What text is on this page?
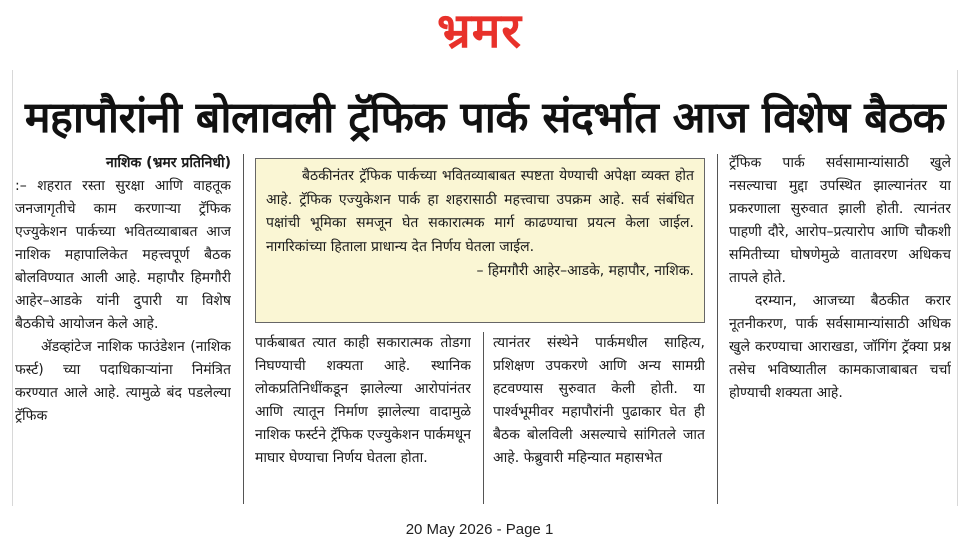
भ्रमर
महापौरांनी बोलावली ट्रॅफिक पार्क संदर्भात आज विशेष बैठक

नाशिक (भ्रमर प्रतिनिधी)

:– शहरात रस्ता सुरक्षा आणि वाहतूक जनजागृतीचे काम करणाऱ्या ट्रॅफिक एज्युकेशन पार्कच्या भवितव्याबाबत आज नाशिक महापालिकेत महत्त्वपूर्ण बैठक बोलविण्यात आली आहे. महापौर हिमगौरी आहेर–आडके यांनी दुपारी या विशेष बैठकीचे आयोजन केले आहे.

ॲडव्हांटेज नाशिक फाउंडेशन (नाशिक फर्स्ट) च्या पदाधिकाऱ्यांना निमंत्रित करण्यात आले आहे. त्यामुळे बंद पडलेल्या ट्रॅफिक

बैठकीनंतर ट्रॅफिक पार्कच्या भवितव्याबाबत स्पष्टता येण्याची अपेक्षा व्यक्त होत आहे. ट्रॅफिक एज्युकेशन पार्क हा शहरासाठी महत्त्वाचा उपक्रम आहे. सर्व संबंधित पक्षांची भूमिका समजून घेत सकारात्मक मार्ग काढण्याचा प्रयत्न केला जाईल. नागरिकांच्या हिताला प्राधान्य देत निर्णय घेतला जाईल.

– हिमगौरी आहेर–आडके, महापौर, नाशिक.

पार्कबाबत त्यात काही सकारात्मक तोडगा निघण्याची शक्यता आहे. स्थानिक लोकप्रतिनिधींकडून झालेल्या आरोपांनंतर आणि त्यातून निर्माण झालेल्या वादामुळे नाशिक फर्स्टने ट्रॅफिक एज्युकेशन पार्कमधून माघार घेण्याचा निर्णय घेतला होता.

त्यानंतर संस्थेने पार्कमधील साहित्य, प्रशिक्षण उपकरणे आणि अन्य सामग्री हटवण्यास सुरुवात केली होती. या पार्श्वभूमीवर महापौरांनी पुढाकार घेत ही बैठक बोलविली असल्याचे सांगितले जात आहे. फेब्रुवारी महिन्यात महासभेत

ट्रॅफिक पार्क सर्वसामान्यांसाठी खुले नसल्याचा मुद्दा उपस्थित झाल्यानंतर या प्रकरणाला सुरुवात झाली होती. त्यानंतर पाहणी दौरे, आरोप–प्रत्यारोप आणि चौकशी समितीच्या घोषणेमुळे वातावरण अधिकच तापले होते.

दरम्यान, आजच्या बैठकीत करार नूतनीकरण, पार्क सर्वसामान्यांसाठी अधिक खुले करण्याचा आराखडा, जॉगिंग ट्रॅक्या प्रश्न तसेच भविष्यातील कामकाजाबाबत चर्चा होण्याची शक्यता आहे.

20 May 2026 - Page 1
